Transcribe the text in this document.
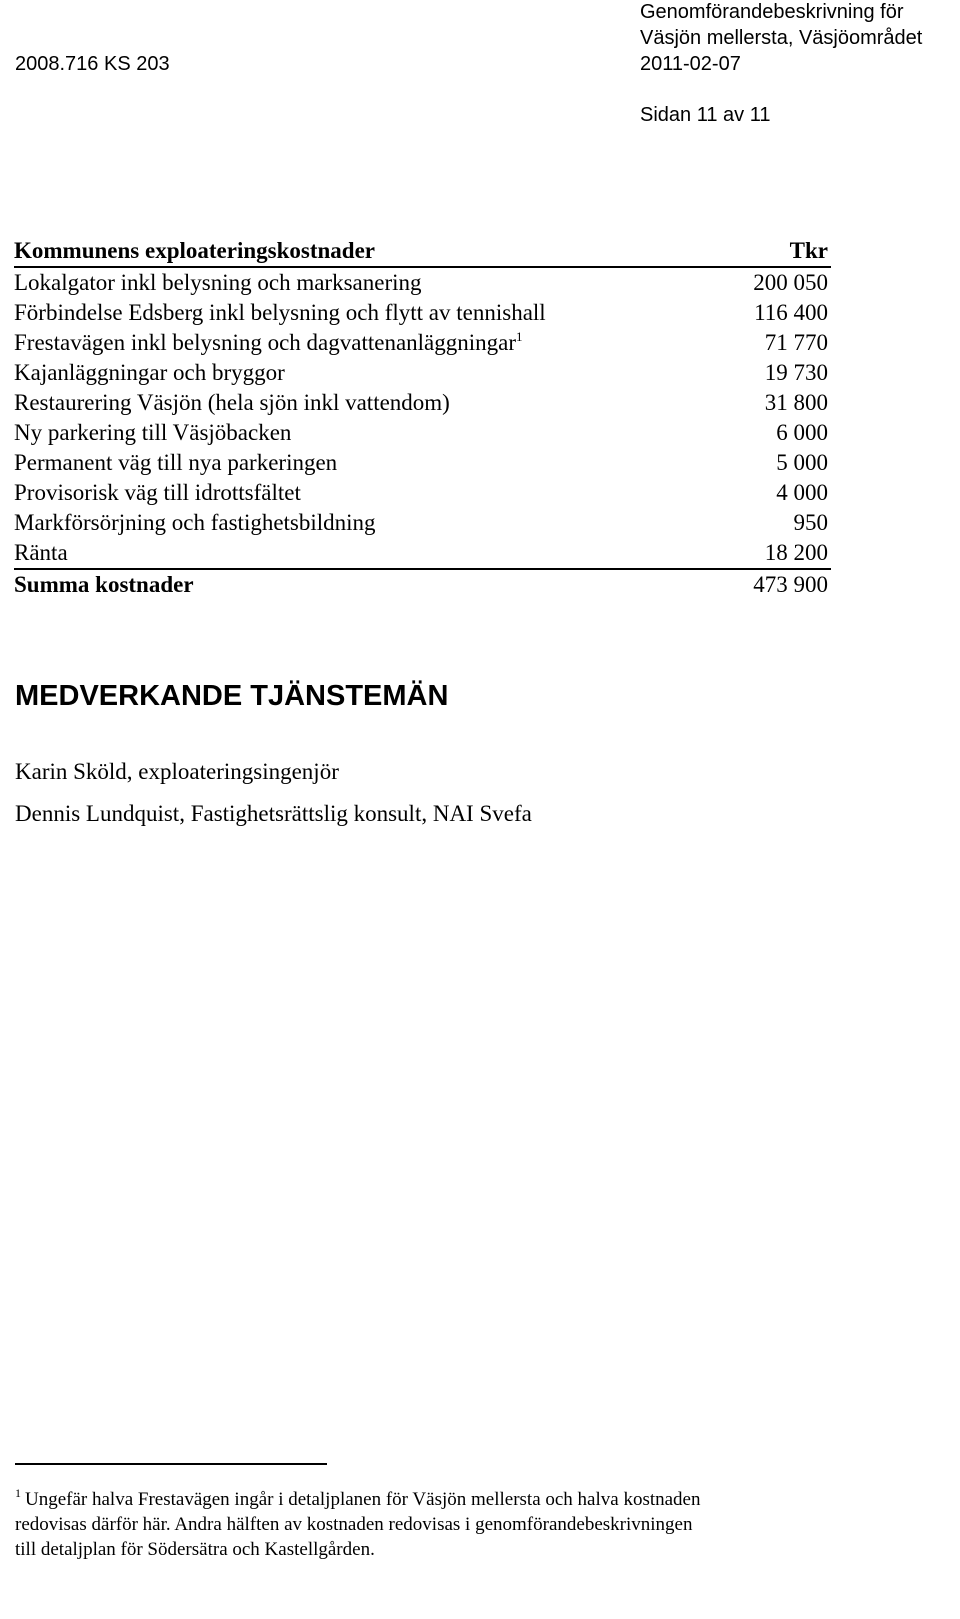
2008.716 KS 203
Genomförandebeskrivning för
Väsjön mellersta, Väsjöområdet
2011-02-07
Sidan 11 av 11
Kommunens exploateringskostnader	Tkr
Lokalgator inkl belysning och marksanering	200 050
Förbindelse Edsberg inkl belysning och flytt av tennishall	116 400
Frestavägen inkl belysning och dagvattenanläggningar$^1$	71 770
Kajanläggningar och bryggor	19 730
Restaurering Väsjön (hela sjön inkl vattendom)	31 800
Ny parkering till Väsjöbacken	6 000
Permanent väg till nya parkeringen	5 000
Provisorisk väg till idrottsfältet	4 000
Markförsörjning och fastighetsbildning	950
Ränta	18 200
Summa kostnader	473 900
MEDVERKANDE TJÄNSTEMÄN
Karin Sköld, exploateringsingenjör
Dennis Lundquist, Fastighetsrättslig konsult, NAI Svefa
$^1$ Ungefär halva Frestavägen ingår i detaljplanen för Väsjön mellersta och halva kostnaden
redovisas därför här. Andra hälften av kostnaden redovisas i genomförandebeskrivningen
till detaljplan för Södersätra och Kastellgården.
